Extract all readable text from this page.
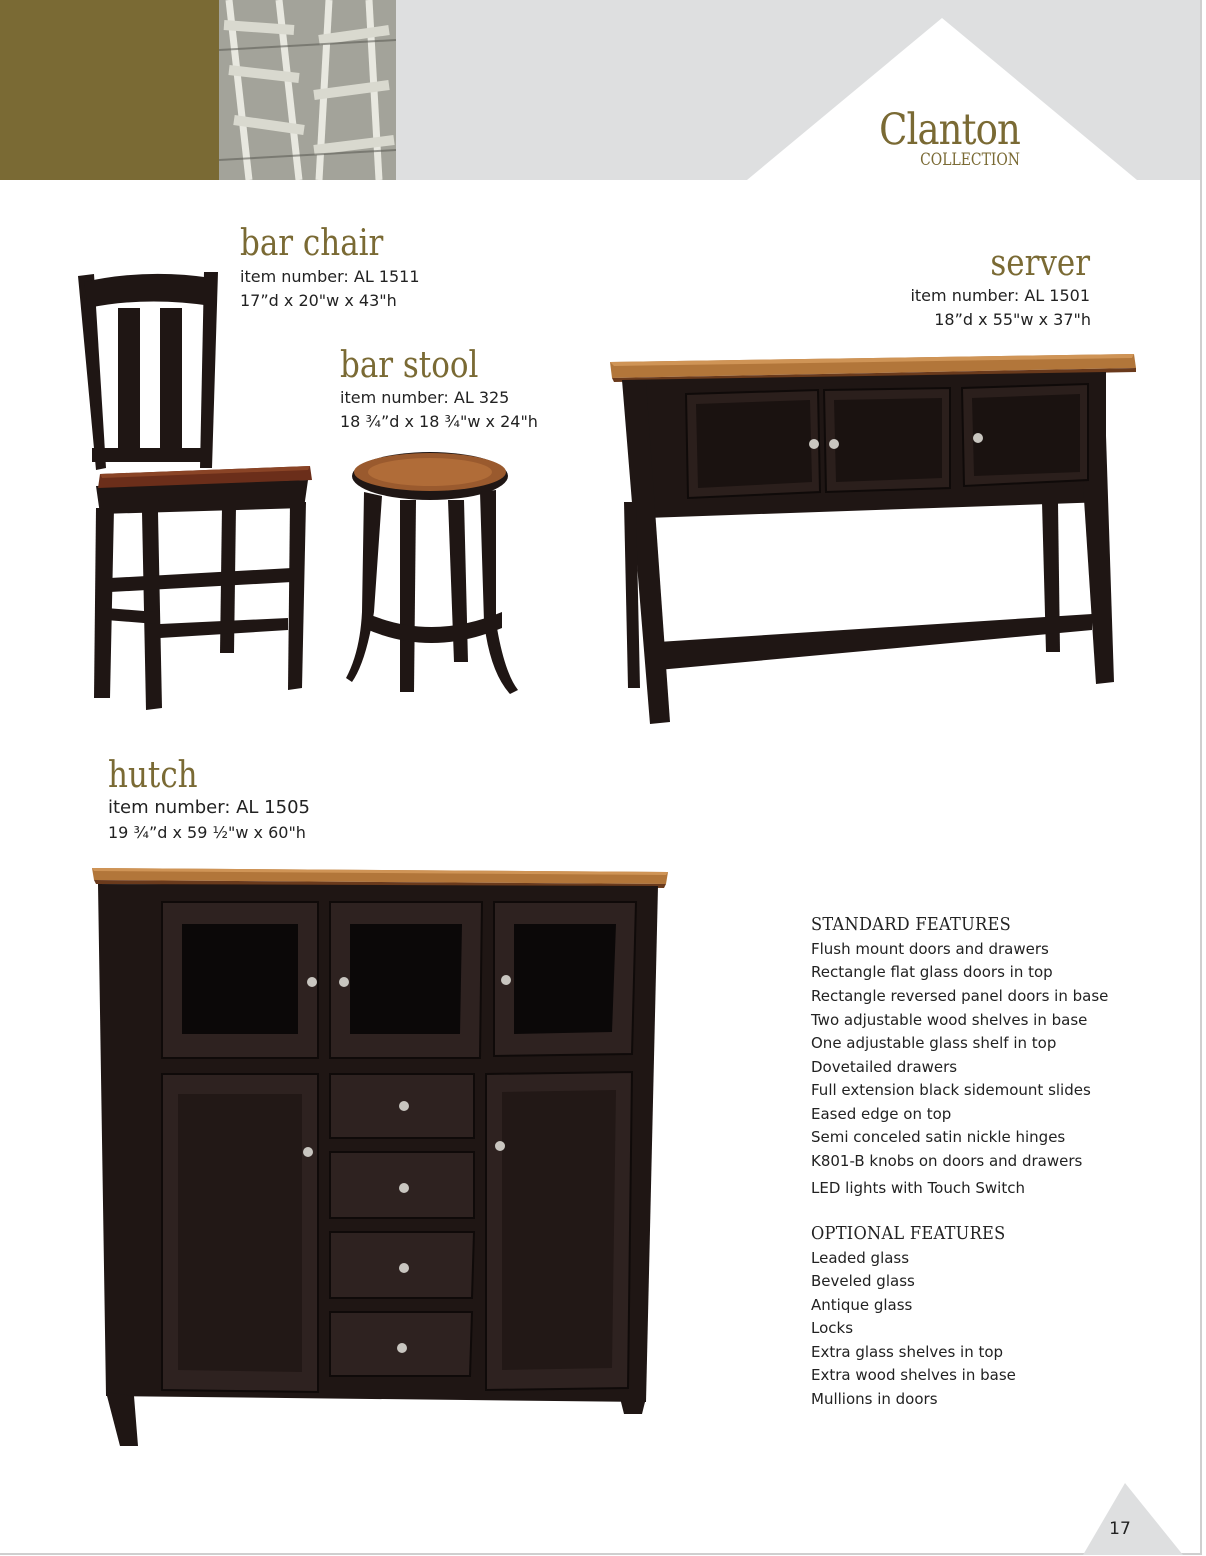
Clanton
COLLECTION
bar chair
item number: AL 1511
17”d x 20"w x 43"h
bar stool
item number: AL 325
18 ¾”d x 18 ¾"w x 24"h
server
item number: AL 1501
18”d x 55"w x 37"h
hutch
item number: AL 1505
19 ¾”d x 59 ½"w x 60"h
STANDARD FEATURES
Flush mount doors and drawers
Rectangle flat glass doors in top
Rectangle reversed panel doors in base
Two adjustable wood shelves in base
One adjustable glass shelf in top
Dovetailed drawers
Full extension black sidemount slides
Eased edge on top
Semi conceled satin nickle hinges
K801-B knobs on doors and drawers
LED lights with Touch Switch
OPTIONAL FEATURES
Leaded glass
Beveled glass
Antique glass
Locks
Extra glass shelves in top
Extra wood shelves in base
Mullions in doors
17
